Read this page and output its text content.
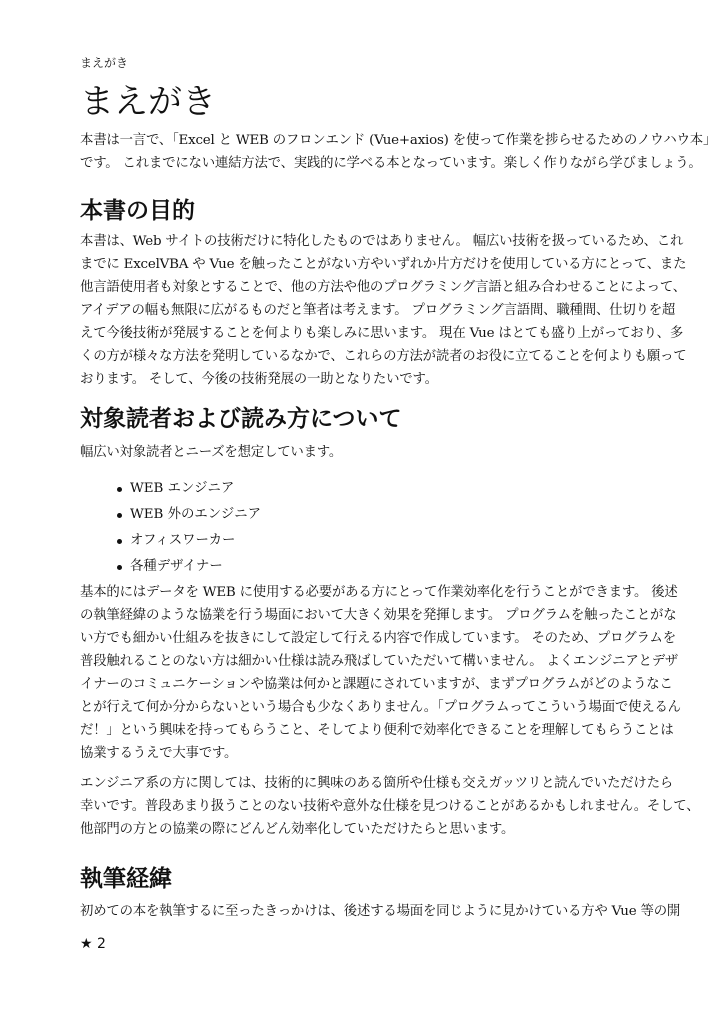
まえがき
まえがき
本書は一言で、「Excel と WEB のフロンエンド (Vue+axios) を使って作業を捗らせるためのノウハウ本」
です。 これまでにない連結方法で、実践的に学べる本となっています。楽しく作りながら学びましょう。
本書の目的
本書は、Web サイトの技術だけに特化したものではありません。 幅広い技術を扱っているため、これ
までに ExcelVBA や Vue を触ったことがない方やいずれか片方だけを使用している方にとって、また
他言語使用者も対象とすることで、他の方法や他のプログラミング言語と組み合わせることによって、
アイデアの幅も無限に広がるものだと筆者は考えます。 プログラミング言語間、職種間、仕切りを超
えて今後技術が発展することを何よりも楽しみに思います。 現在 Vue はとても盛り上がっており、多
くの方が様々な方法を発明しているなかで、これらの方法が読者のお役に立てることを何よりも願って
おります。 そして、今後の技術発展の一助となりたいです。
対象読者および読み方について
幅広い対象読者とニーズを想定しています。
WEB エンジニア
WEB 外のエンジニア
オフィスワーカー
各種デザイナー
基本的にはデータを WEB に使用する必要がある方にとって作業効率化を行うことができます。 後述
の執筆経緯のような協業を行う場面において大きく効果を発揮します。 プログラムを触ったことがな
い方でも細かい仕組みを抜きにして設定して行える内容で作成しています。 そのため、プログラムを
普段触れることのない方は細かい仕様は読み飛ばしていただいて構いません。 よくエンジニアとデザ
イナーのコミュニケーションや協業は何かと課題にされていますが、まずプログラムがどのようなこ
とが行えて何か分からないという場合も少なくありません。「プログラムってこういう場面で使えるん
だ！」という興味を持ってもらうこと、そしてより便利で効率化できることを理解してもらうことは
協業するうえで大事です。
エンジニア系の方に関しては、技術的に興味のある箇所や仕様も交えガッツリと読んでいただけたら
幸いです。普段あまり扱うことのない技術や意外な仕様を見つけることがあるかもしれません。そして、
他部門の方との協業の際にどんどん効率化していただけたらと思います。
執筆経緯
初めての本を執筆するに至ったきっかけは、後述する場面を同じように見かけている方や Vue 等の開
★ 2
